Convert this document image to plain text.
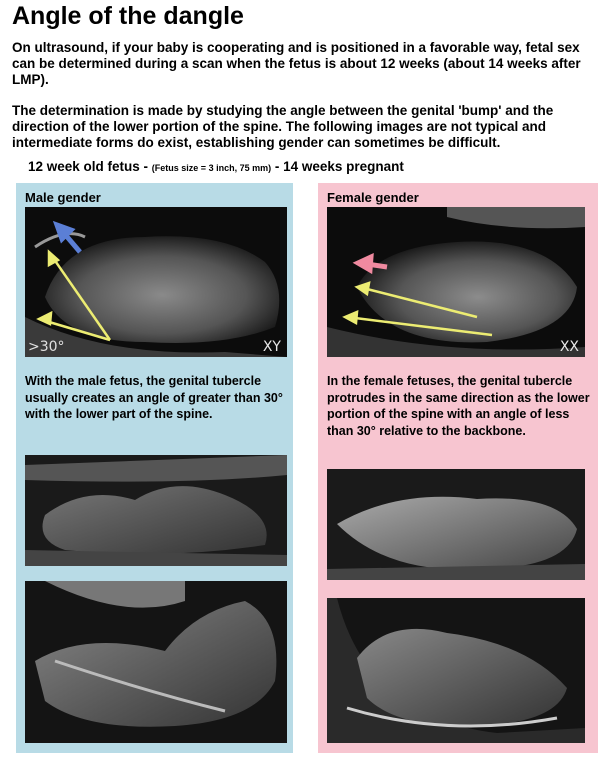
Angle of the dangle

On ultrasound, if your baby is cooperating and is positioned in a favorable way, fetal sex can be determined during a scan when the fetus is about 12 weeks (about 14 weeks after LMP).

The determination is made by studying the angle between the genital 'bump' and the direction of the lower portion of the spine. The following images are not typical and intermediate forms do exist, establishing gender can sometimes be difficult.

12 week old fetus - (Fetus size = 3 inch, 75 mm) - 14 weeks pregnant
Male gender
>30°	XY

With the male fetus, the genital tubercle usually creates an angle of greater than 30° with the lower part of the spine.

Female gender
XX

In the female fetuses, the genital tubercle protrudes in the same direction as the lower portion of the spine with an angle of less than 30° relative to the backbone.
